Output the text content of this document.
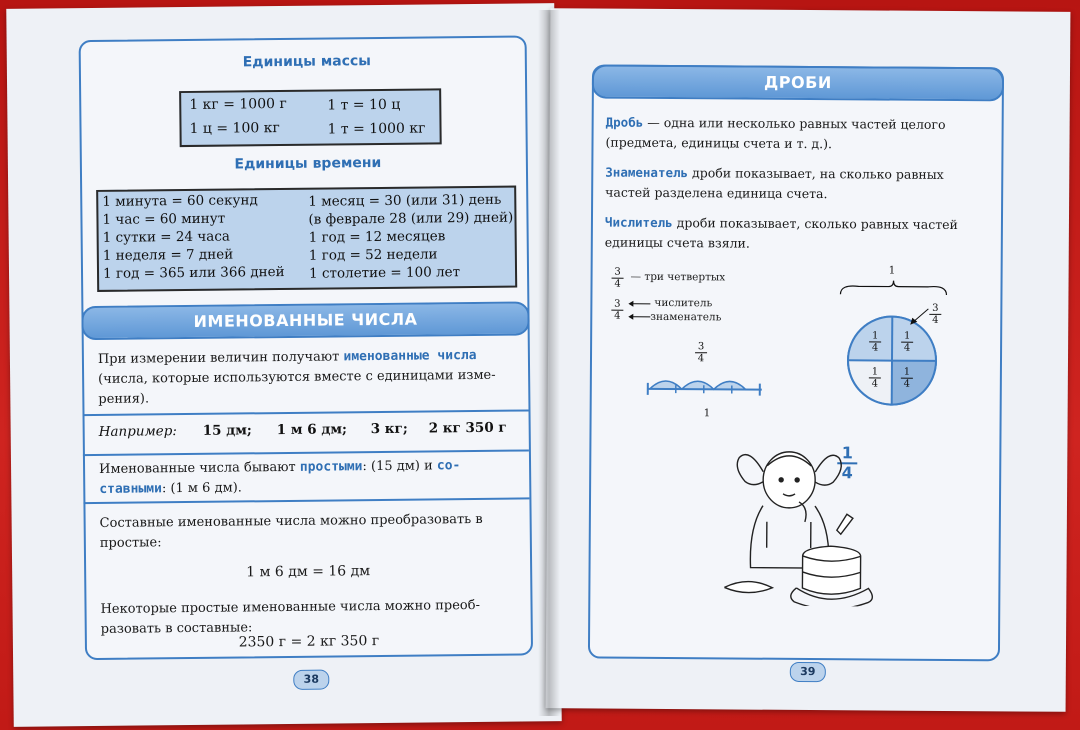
Единицы массы
1 кг = 1000 г	1 т = 10 ц
1 ц = 100 кг	1 т = 1000 кг
Единицы времени
1 минута = 60 секунд
1 час = 60 минут
1 сутки = 24 часа
1 неделя = 7 дней
1 год = 365 или 366 дней
1 месяц = 30 (или 31) день
(в феврале 28 (или 29) дней)
1 год = 12 месяцев
1 год = 52 недели
1 столетие = 100 лет
ИМЕНОВАННЫЕ ЧИСЛА
При измерении величин получают именованные числа (числа, которые используются вместе с единицами изме-рения).
Например: 15 дм; 1 м 6 дм; 3 кг; 2 кг 350 г
Именованные числа бывают простыми: (15 дм) и со-ставными: (1 м 6 дм).
Составные именованные числа можно преобразовать в простые:
1 м 6 дм = 16 дм
Некоторые простые именованные числа можно преоб-разовать в составные:
2350 г = 2 кг 350 г
38
ДРОБИ
Дробь — одна или несколько равных частей целого (предмета, единицы счета и т. д.).
Знаменатель дроби показывает, на сколько равных частей разделена единица счета.
Числитель дроби показывает, сколько равных частей единицы счета взяли.
3
4
— три четвертых
3
4
числитель
знаменатель
3
4
1
1
1
4
1
4
1
4
1
4
3
4
1
4
39
